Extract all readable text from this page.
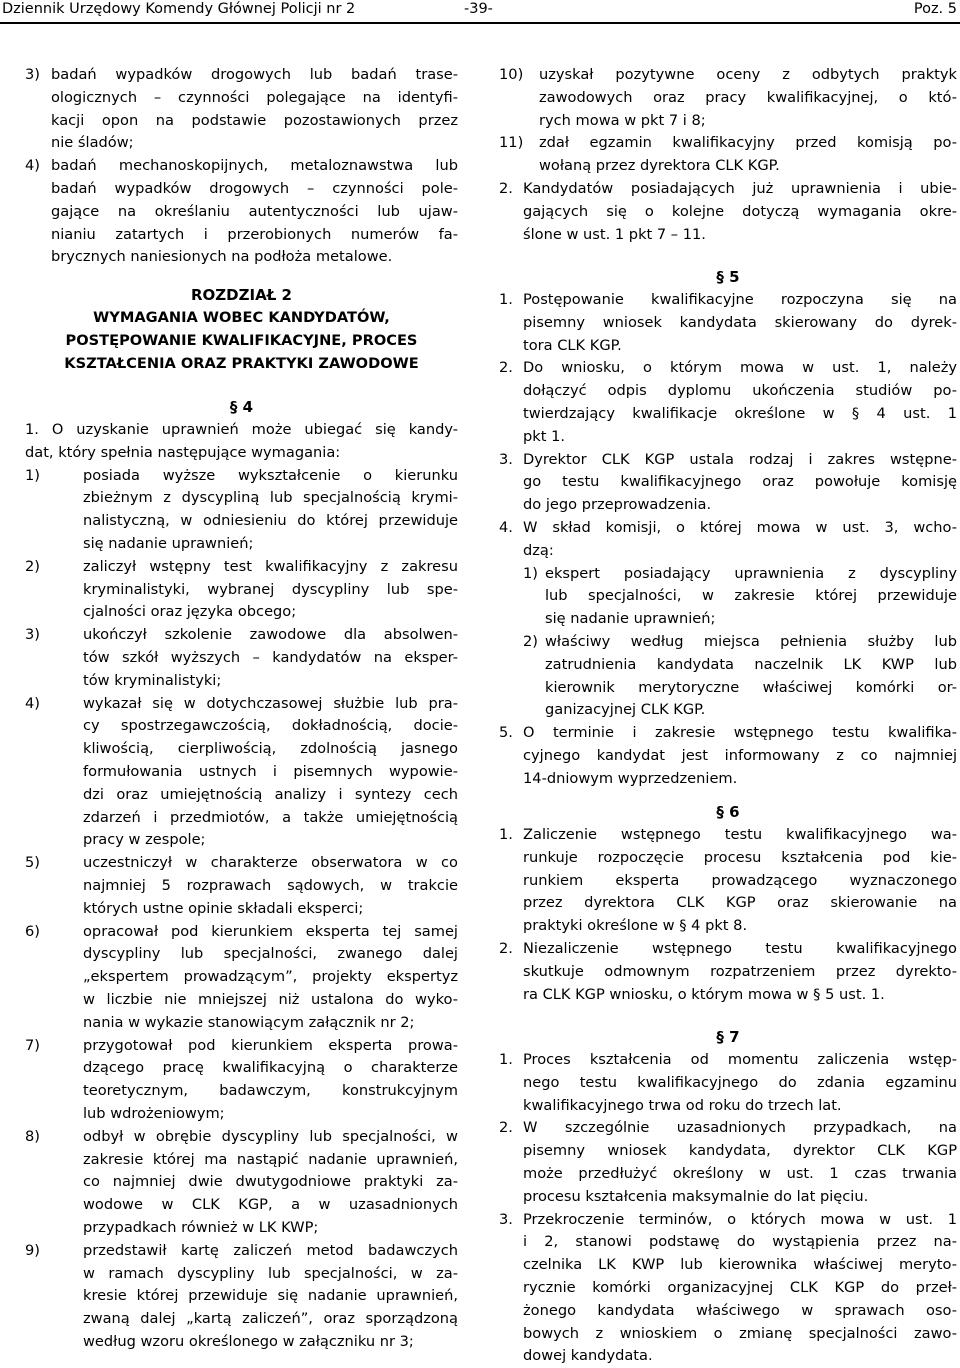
Dziennik Urzędowy Komendy Głównej Policji nr 2	-39-	Poz. 5
3) badań wypadków drogowych lub badań trase-
ologicznych – czynności polegające na identyfi-
kacji opon na podstawie pozostawionych przez
nie śladów;
4) badań mechanoskopijnych, metaloznawstwa lub
badań wypadków drogowych – czynności pole-
gające na określaniu autentyczności lub ujaw-
nianiu zatartych i przerobionych numerów fa-
brycznych naniesionych na podłoża metalowe.
ROZDZIAŁ 2
WYMAGANIA WOBEC KANDYDATÓW,
POSTĘPOWANIE KWALIFIKACYJNE, PROCES
KSZTAŁCENIA ORAZ PRAKTYKI ZAWODOWE
§ 4
1. O uzyskanie uprawnień może ubiegać się kandy-
dat, który spełnia następujące wymagania:
1)	posiada wyższe wykształcenie o kierunku
zbieżnym z dyscypliną lub specjalnością krymi-
nalistyczną, w odniesieniu do której przewiduje
się nadanie uprawnień;
2)	zaliczył wstępny test kwalifikacyjny z zakresu
kryminalistyki, wybranej dyscypliny lub spe-
cjalności oraz języka obcego;
3)	ukończył szkolenie zawodowe dla absolwen-
tów szkół wyższych – kandydatów na eksper-
tów kryminalistyki;
4)	wykazał się w dotychczasowej służbie lub pra-
cy spostrzegawczością, dokładnością, docie-
kliwością, cierpliwością, zdolnością jasnego
formułowania ustnych i pisemnych wypowie-
dzi oraz umiejętnością analizy i syntezy cech
zdarzeń i przedmiotów, a także umiejętnością
pracy w zespole;
5)	uczestniczył w charakterze obserwatora w co
najmniej 5 rozprawach sądowych, w trakcie
których ustne opinie składali eksperci;
6)	opracował pod kierunkiem eksperta tej samej
dyscypliny lub specjalności, zwanego dalej
„ekspertem prowadzącym”, projekty ekspertyz
w liczbie nie mniejszej niż ustalona do wyko-
nania w wykazie stanowiącym załącznik nr 2;
7)	przygotował pod kierunkiem eksperta prowa-
dzącego pracę kwalifikacyjną o charakterze
teoretycznym, badawczym, konstrukcyjnym
lub wdrożeniowym;
8)	odbył w obrębie dyscypliny lub specjalności, w
zakresie której ma nastąpić nadanie uprawnień,
co najmniej dwie dwutygodniowe praktyki za-
wodowe w CLK KGP, a w uzasadnionych
przypadkach również w LK KWP;
9)	przedstawił kartę zaliczeń metod badawczych
w ramach dyscypliny lub specjalności, w za-
kresie której przewiduje się nadanie uprawnień,
zwaną dalej „kartą zaliczeń”, oraz sporządzoną
według wzoru określonego w załączniku nr 3;
10) uzyskał pozytywne oceny z odbytych praktyk
zawodowych oraz pracy kwalifikacyjnej, o któ-
rych mowa w pkt 7 i 8;
11) zdał egzamin kwalifikacyjny przed komisją po-
wołaną przez dyrektora CLK KGP.
2. Kandydatów posiadających już uprawnienia i ubie-
gających się o kolejne dotyczą wymagania okre-
ślone w ust. 1 pkt 7 – 11.
§ 5
1. Postępowanie kwalifikacyjne rozpoczyna się na
pisemny wniosek kandydata skierowany do dyrek-
tora CLK KGP.
2. Do wniosku, o którym mowa w ust. 1, należy
dołączyć odpis dyplomu ukończenia studiów po-
twierdzający kwalifikacje określone w § 4 ust. 1
pkt 1.
3. Dyrektor CLK KGP ustala rodzaj i zakres wstępne-
go testu kwalifikacyjnego oraz powołuje komisję
do jego przeprowadzenia.
4. W skład komisji, o której mowa w ust. 3, wcho-
dzą:
1) ekspert posiadający uprawnienia z dyscypliny
lub specjalności, w zakresie której przewiduje
się nadanie uprawnień;
2) właściwy według miejsca pełnienia służby lub
zatrudnienia kandydata naczelnik LK KWP lub
kierownik merytoryczne właściwej komórki or-
ganizacyjnej CLK KGP.
5. O terminie i zakresie wstępnego testu kwalifika-
cyjnego kandydat jest informowany z co najmniej
14-dniowym wyprzedzeniem.
§ 6
1. Zaliczenie wstępnego testu kwalifikacyjnego wa-
runkuje rozpoczęcie procesu kształcenia pod kie-
runkiem eksperta prowadzącego wyznaczonego
przez dyrektora CLK KGP oraz skierowanie na
praktyki określone w § 4 pkt 8.
2. Niezaliczenie wstępnego testu kwalifikacyjnego
skutkuje odmownym rozpatrzeniem przez dyrekto-
ra CLK KGP wniosku, o którym mowa w § 5 ust. 1.
§ 7
1. Proces kształcenia od momentu zaliczenia wstęp-
nego testu kwalifikacyjnego do zdania egzaminu
kwalifikacyjnego trwa od roku do trzech lat.
2. W szczególnie uzasadnionych przypadkach, na
pisemny wniosek kandydata, dyrektor CLK KGP
może przedłużyć określony w ust. 1 czas trwania
procesu kształcenia maksymalnie do lat pięciu.
3. Przekroczenie terminów, o których mowa w ust. 1
i 2, stanowi podstawę do wystąpienia przez na-
czelnika LK KWP lub kierownika właściwej meryto-
rycznie komórki organizacyjnej CLK KGP do przeł-
żonego kandydata właściwego w sprawach oso-
bowych z wnioskiem o zmianę specjalności zawo-
dowej kandydata.
